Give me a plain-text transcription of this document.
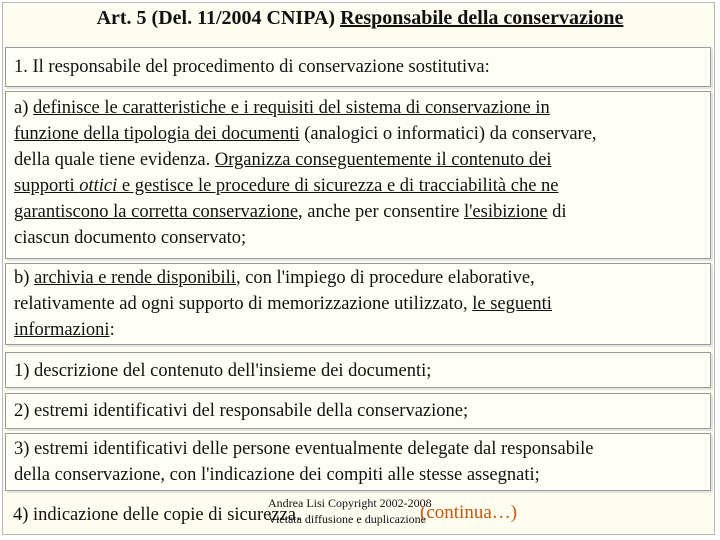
Art. 5 (Del. 11/2004 CNIPA) Responsabile della conservazione

1. Il responsabile del procedimento di conservazione sostitutiva:

a) definisce le caratteristiche e i requisiti del sistema di conservazione in

funzione della tipologia dei documenti (analogici o informatici) da conservare,

della quale tiene evidenza. Organizza conseguentemente il contenuto dei

supporti ottici e gestisce le procedure di sicurezza e di tracciabilità che ne

garantiscono la corretta conservazione, anche per consentire l'esibizione di

ciascun documento conservato;

b) archivia e rende disponibili, con l'impiego di procedure elaborative,

relativamente ad ogni supporto di memorizzazione utilizzato, le seguenti

informazioni:

1) descrizione del contenuto dell'insieme dei documenti;

2) estremi identificativi del responsabile della conservazione;

3) estremi identificativi delle persone eventualmente delegate dal responsabile

della conservazione, con l'indicazione dei compiti alle stesse assegnati;

4) indicazione delle copie di sicurezza.

Andrea Lisi Copyright 2002-2008
Vietata diffusione e duplicazione
(continua…)
